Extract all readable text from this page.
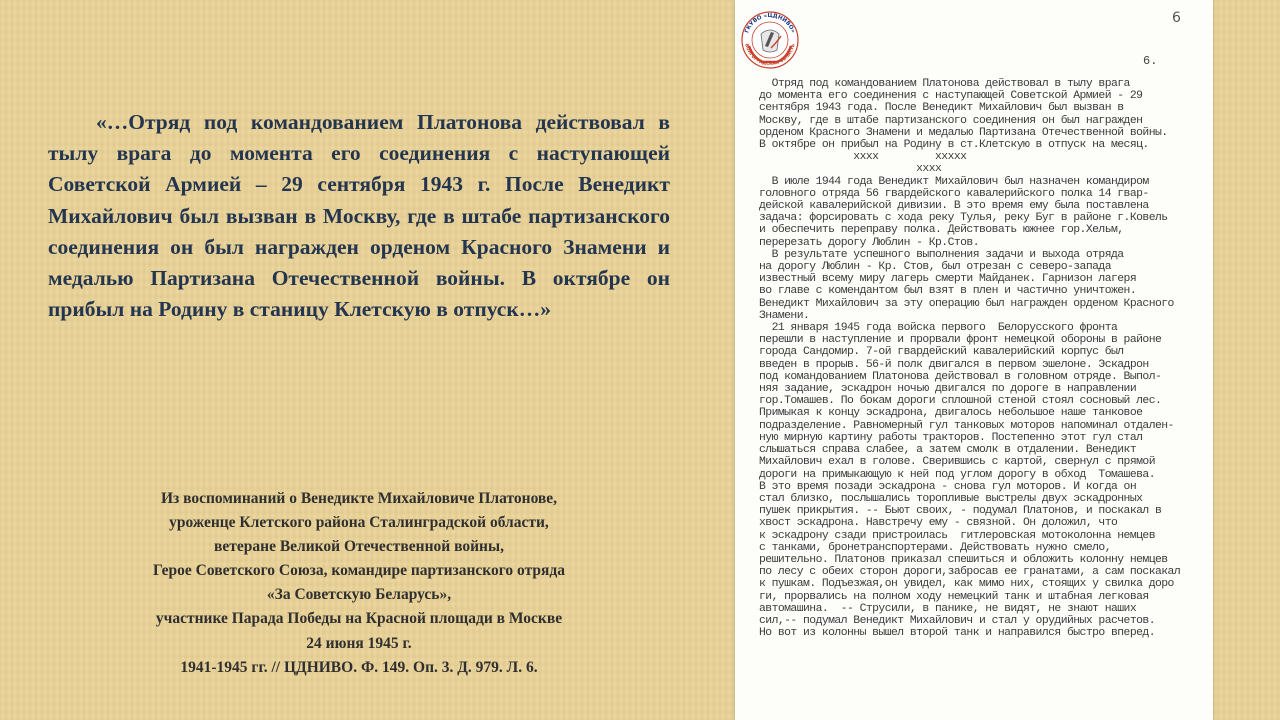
«…Отряд под командованием Платонова действовал в тылу врага до момента его соединения с наступающей Советской Армией – 29 сентября 1943 г. После Венедикт Михайлович был вызван в Москву, где в штабе партизанского соединения он был награжден орденом Красного Знамени и медалью Партизана Отечественной войны. В октябре он прибыл на Родину в станицу Клетскую в отпуск…»

Из воспоминаний о Венедикте Михайловиче Платонове,
уроженце Клетского района Сталинградской области,
ветеране Великой Отечественной войны,
Герое Советского Союза, командире партизанского отряда
«За Советскую Беларусь»,
участнике Парада Победы на Красной площади в Москве
24 июня 1945 г.
1941-1945 гг. // ЦДНИВО. Ф. 149. Оп. 3. Д. 979. Л. 6.
ГКУВО «ЦДНИВО»
ВОЛГОГРАДСКАЯ ОБЛАСТЬ
6
6.
Отряд под командованием Платонова действовал в тылу врага
до момента его соединения с наступающей Советской Армией - 29
сентября 1943 года. После Венедикт Михайлович был вызван в
Москву, где в штабе партизанского соединения он был награжден
орденом Красного Знамени и медалью Партизана Отечественной войны.
В октябре он прибыл на Родину в ст.Клетскую в отпуск на месяц.
хххх         ххххх
хххх
В июле 1944 года Венедикт Михайлович был назначен командиром
головного отряда 56 гвардейского кавалерийского полка 14 гвар-
дейской кавалерийской дивизии. В это время ему была поставлена
задача: форсировать с хода реку Тулья, реку Буг в районе г.Ковель
и обеспечить переправу полка. Действовать южнее гор.Хельм,
перерезать дорогу Люблин - Кр.Стов.
В результате успешного выполнения задачи и выхода отряда
на дорогу Люблин - Кр. Стов, был отрезан с северо-запада
известный всему миру лагерь смерти Майданек. Гарнизон лагеря
во главе с комендантом был взят в плен и частично уничтожен.
Венедикт Михайлович за эту операцию был награжден орденом Красного
Знамени.
21 января 1945 года войска первого  Белорусского фронта
перешли в наступление и прорвали фронт немецкой обороны в районе
города Сандомир. 7-ой гвардейский кавалерийский корпус был
введен в прорыв. 56-й полк двигался в первом эшелоне. Эскадрон
под командованием Платонова действовал в головном отряде. Выпол-
няя задание, эскадрон ночью двигался по дороге в направлении
гор.Томашев. По бокам дороги сплошной стеной стоял сосновый лес.
Примыкая к концу эскадрона, двигалось небольшое наше танковое
подразделение. Равномерный гул танковых моторов напоминал отдален-
ную мирную картину работы тракторов. Постепенно этот гул стал
слышаться справа слабее, а затем смолк в отдалении. Венедикт
Михайлович ехал в голове. Сверившись с картой, свернул с прямой
дороги на примыкающую к ней под углом дорогу в обход  Томашева.
В это время позади эскадрона - снова гул моторов. И когда он
стал близко, послышались торопливые выстрелы двух эскадронных
пушек прикрытия. -- Бьют своих, - подумал Платонов, и поскакал в
хвост эскадрона. Навстречу ему - связной. Он доложил, что
к эскадрону сзади пристроилась  гитлеровская мотоколонна немцев
с танками, бронетранспортерами. Действовать нужно смело,
решительно. Платонов приказал спешиться и обложить колонну немцев
по лесу с обеих сторон дороги,забросав ее гранатами, а сам поскакал
к пушкам. Подъезжая,он увидел, как мимо них, стоящих у свилка доро
ги, прорвались на полном ходу немецкий танк и штабная легковая
автомашина.  -- Струсили, в панике, не видят, не знают наших
сил,-- подумал Венедикт Михайлович и стал у орудийных расчетов.
Но вот из колонны вышел второй танк и направился быстро вперед.
